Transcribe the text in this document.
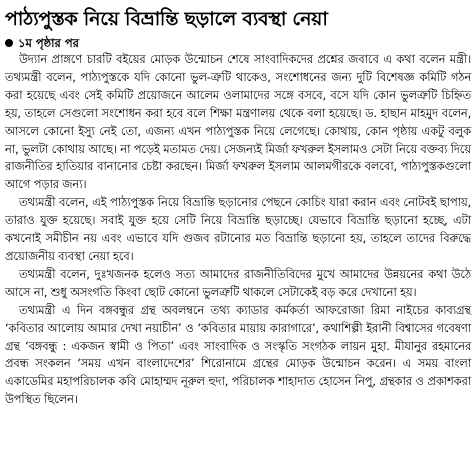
পাঠ্যপুস্তক নিয়ে বিভ্রান্তি ছড়ালে ব্যবস্থা নেয়া
১ম পৃষ্ঠার পর

উদ্যান প্রাঙ্গণে চারটি বইয়ের মোড়ক উন্মোচন শেষে সাংবাদিকদের প্রশ্নের জবাবে এ কথা বলেন মন্ত্রী। তথ্যমন্ত্রী বলেন, পাঠ্যপুস্তকে যদি কোনো ভুল-ত্রুটি থাকেও, সংশোধনের জন্য দুটি বিশেষজ্ঞ কমিটি গঠন করা হয়েছে এবং সেই কমিটি প্রয়োজনে আলেম ওলামাদের সঙ্গে বসবে, বসে যদি কোন ভুলত্রুটি চিহ্নিত হয়, তাহলে সেগুলো সংশোধন করা হবে বলে শিক্ষা মন্ত্রণালয় থেকে বলা হয়েছে। ড. হাছান মাহমুদ বলেন, আসলে কোনো ইস্যু নেই তো, এজন্য এখন পাঠ্যপুস্তক নিয়ে লেগেছে। কোথায়, কোন পৃষ্ঠায় একটু বলুক না, ভুলটা কোথায় আছে। না পড়েই মতামত দেয়। সেজন্যই মির্জা ফখরুল ইসলামও সেটা নিয়ে বক্তব্য দিয়ে রাজনীতির হাতিয়ার বানানোর চেষ্টা করছেন। মির্জা ফখরুল ইসলাম আলমগীরকে বলবো, পাঠ্যপুস্তকগুলো আগে পড়ার জন্য।

তথ্যমন্ত্রী বলেন, এই পাঠ্যপুস্তক নিয়ে বিভ্রান্তি ছড়ানোর পেছনে কোচিং যারা করান এবং নোটবই ছাপায়, তারাও যুক্ত হয়েছে। সবাই যুক্ত হয়ে সেটি নিয়ে বিভ্রান্তি ছড়াচ্ছে। যেভাবে বিভ্রান্তি ছড়ানো হচ্ছে, এটা কখনোই সমীচীন নয় এবং এভাবে যদি গুজব রটানোর মত বিভ্রান্তি ছড়ানো হয়, তাহলে তাদের বিরুদ্ধে প্রয়োজনীয় ব্যবস্থা নেয়া হবে।

তথ্যমন্ত্রী বলেন, দুঃখজনক হলেও সত্য আমাদের রাজনীতিবিদের মুখে আমাদের উন্নয়নের কথা উঠে আসে না, শুধু অসংগতি কিংবা ছোট কোনো ভুলত্রুটি থাকলে সেটাকেই বড় করে দেখানো হয়।

তথ্যমন্ত্রী এ দিন বঙ্গবন্ধুর গ্রন্থ অবলম্বনে তথ্য ক্যাডার কর্মকর্তা আফরোজা রিমা নাইচের কাব্যগ্রন্থ ‘কবিতার আলোয় আমার দেখা নয়াচীন’ ও ‘কবিতার মায়ায় কারাগারে’, কথাশিল্পী ইরানী বিশ্বাসের গবেষণা গ্রন্থ ‘বঙ্গবন্ধু : একজন স্বামী ও পিতা’ এবং সাংবাদিক ও সংস্কৃতি সংগঠক লায়ন মুহা. মীযানুর রহমানের প্রবন্ধ সংকলন ‘সময় এখন বাংলাদেশের’ শিরোনামে গ্রন্থের মোড়ক উন্মোচন করেন। এ সময় বাংলা একাডেমির মহাপরিচালক কবি মোহাম্মদ নূরুল হুদা, পরিচালক শাহাদাত হোসেন নিপু, গ্রন্থকার ও প্রকাশকরা উপস্থিত ছিলেন।
